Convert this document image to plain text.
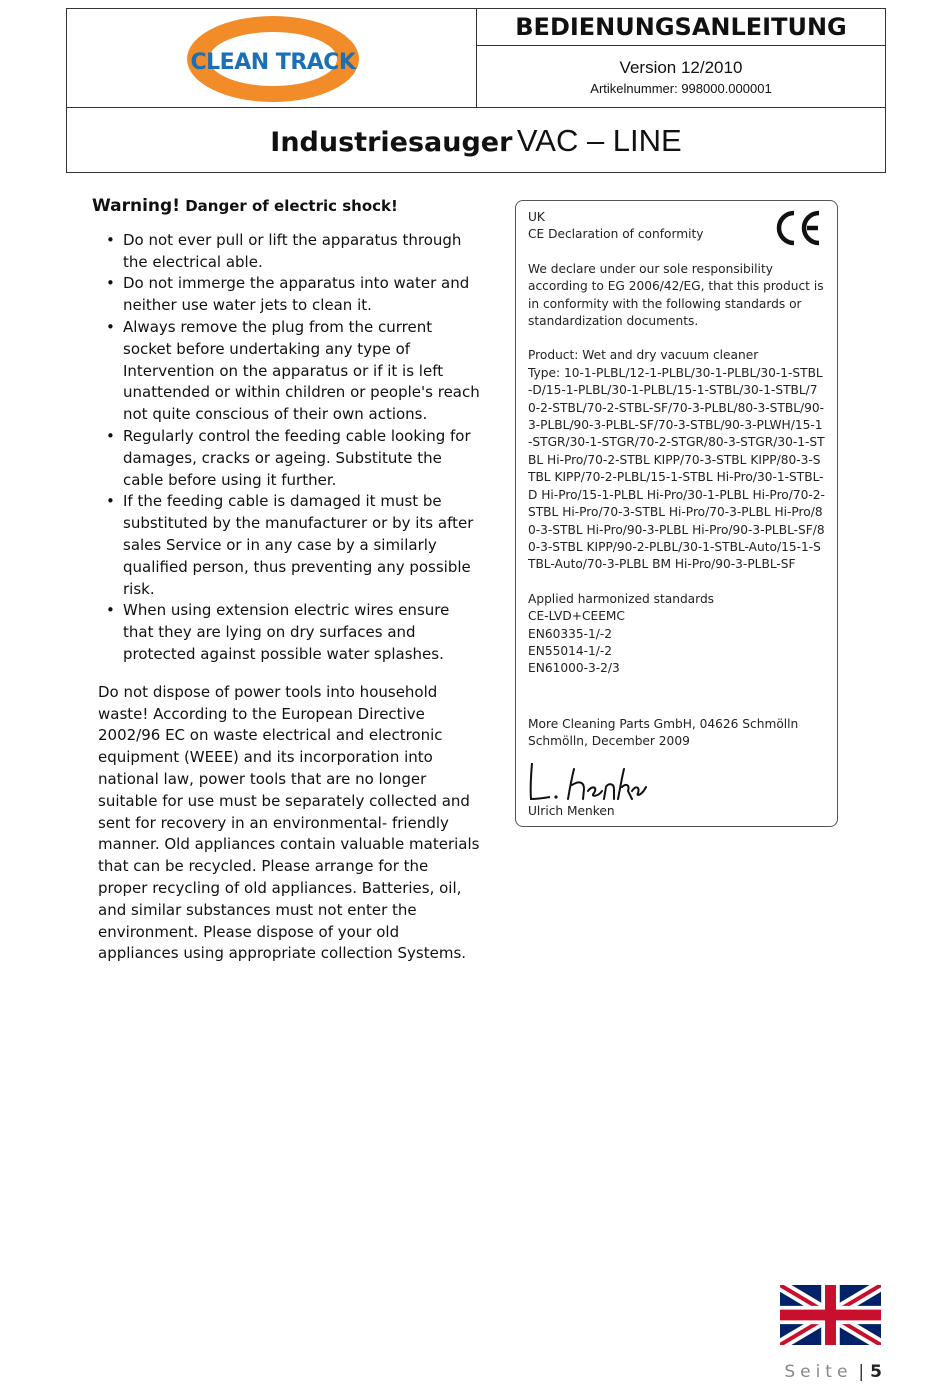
CLEAN TRACK
BEDIENUNGSANLEITUNG
Version 12/2010
Artikelnummer: 998000.000001
Industriesauger VAC – LINE
Warning! Danger of electric shock!
• Do not ever pull or lift the apparatus through the electrical able.
• Do not immerge the apparatus into water and neither use water jets to clean it.
• Always remove the plug from the current socket before undertaking any type of Intervention on the apparatus or if it is left unattended or within children or people's reach not quite conscious of their own actions.
• Regularly control the feeding cable looking for damages, cracks or ageing. Substitute the cable before using it further.
• If the feeding cable is damaged it must be substituted by the manufacturer or by its after sales Service or in any case by a similarly qualified person, thus preventing any possible risk.
• When using extension electric wires ensure that they are lying on dry surfaces and protected against possible water splashes.

Do not dispose of power tools into household waste! According to the European Directive 2002/96 EC on waste electrical and electronic equipment (WEEE) and its incorporation into national law, power tools that are no longer suitable for use must be separately collected and sent for recovery in an environmental- friendly manner. Old appliances contain valuable materials that can be recycled. Please arrange for the proper recycling of old appliances. Batteries, oil, and similar substances must not enter the environment. Please dispose of your old appliances using appropriate collection Systems.

UK
CE Declaration of conformity
We declare under our sole responsibility according to EG 2006/42/EG, that this product is in conformity with the following standards or standardization documents.
Product: Wet and dry vacuum cleaner
Type: 10-1-PLBL/12-1-PLBL/30-1-PLBL/30-1-STBL-D/15-1-PLBL/30-1-PLBL/15-1-STBL/30-1-STBL/70-2-STBL/70-2-STBL-SF/70-3-PLBL/80-3-STBL/90-3-PLBL/90-3-PLBL-SF/70-3-STBL/90-3-PLWH/15-1-STGR/30-1-STGR/70-2-STGR/80-3-STGR/30-1-STBL Hi-Pro/70-2-STBL KIPP/70-3-STBL KIPP/80-3-STBL KIPP/70-2-PLBL/15-1-STBL Hi-Pro/30-1-STBL-D Hi-Pro/15-1-PLBL Hi-Pro/30-1-PLBL Hi-Pro/70-2-STBL Hi-Pro/70-3-STBL Hi-Pro/70-3-PLBL Hi-Pro/80-3-STBL Hi-Pro/90-3-PLBL Hi-Pro/90-3-PLBL-SF/80-3-STBL KIPP/90-2-PLBL/30-1-STBL-Auto/15-1-STBL-Auto/70-3-PLBL BM Hi-Pro/90-3-PLBL-SF
Applied harmonized standards
CE-LVD+CEEMC
EN60335-1/-2
EN55014-1/-2
EN61000-3-2/3
More Cleaning Parts GmbH, 04626 Schmölln
Schmölln, December 2009
Ulrich Menken
Seite | 5
